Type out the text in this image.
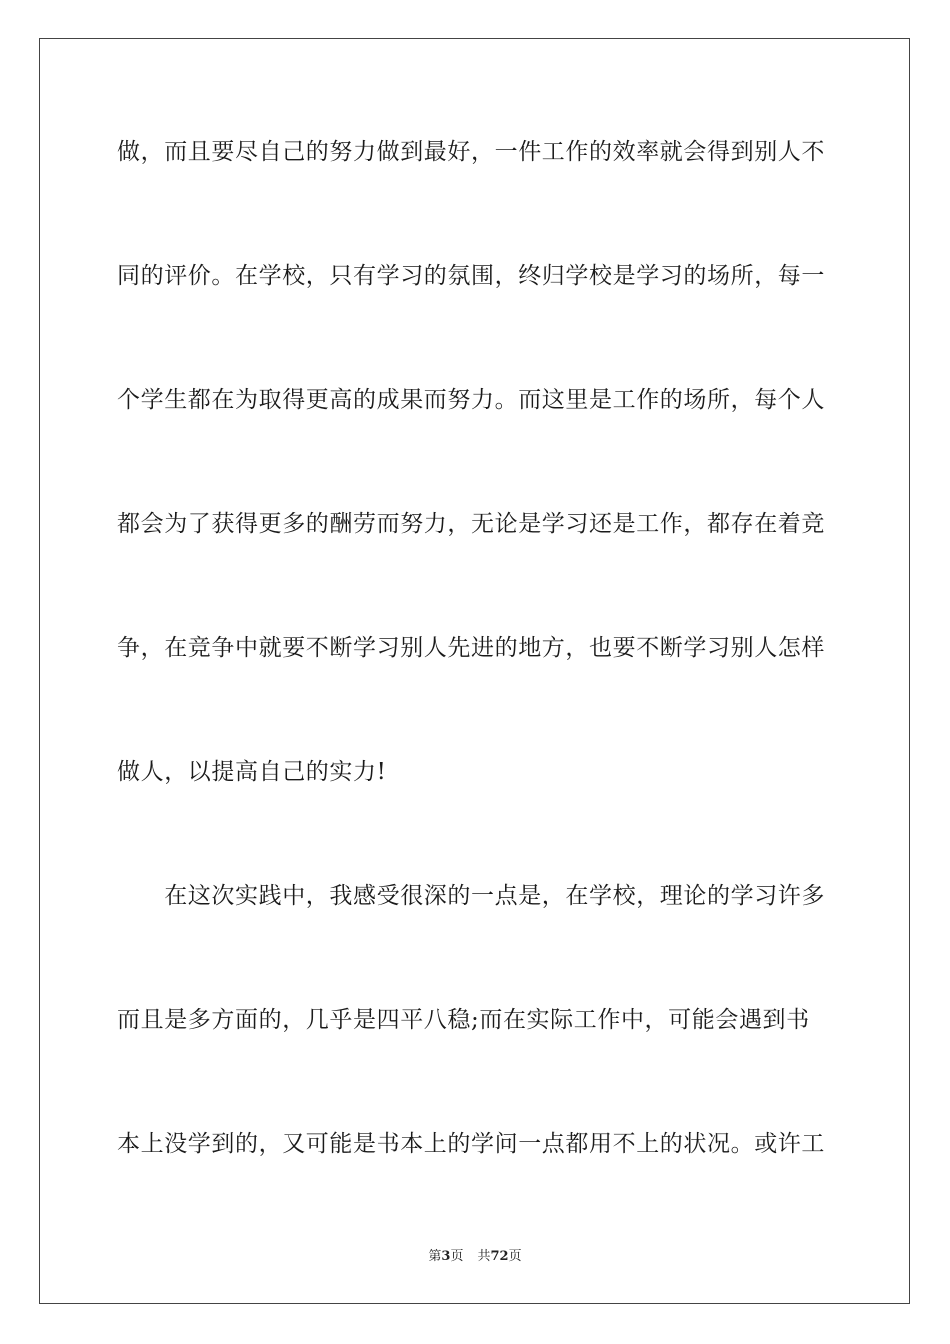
做，而且要尽自己的努力做到最好，一件工作的效率就会得到别人不
同的评价。在学校，只有学习的氛围，终归学校是学习的场所，每一
个学生都在为取得更高的成果而努力。而这里是工作的场所，每个人
都会为了获得更多的酬劳而努力，无论是学习还是工作，都存在着竞
争，在竞争中就要不断学习别人先进的地方，也要不断学习别人怎样
做人，以提高自己的实力!
　　在这次实践中，我感受很深的一点是，在学校，理论的学习许多
而且是多方面的，几乎是四平八稳;而在实际工作中，可能会遇到书
本上没学到的，又可能是书本上的学问一点都用不上的状况。或许工
第3页 共72页
